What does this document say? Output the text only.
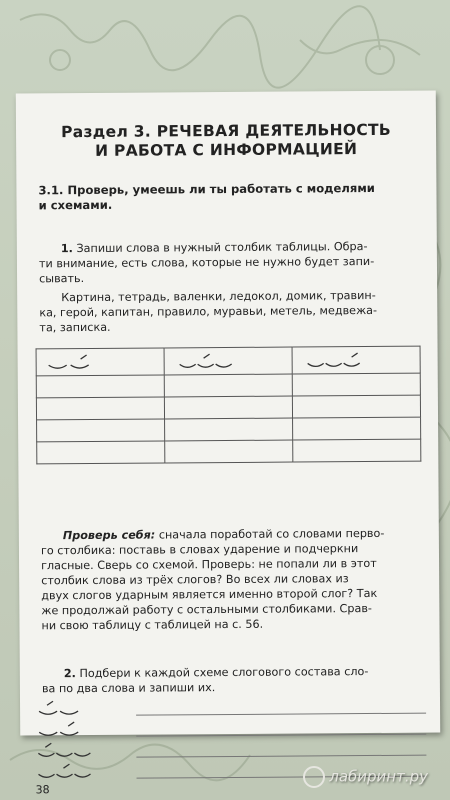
Раздел 3. РЕЧЕВАЯ ДЕЯТЕЛЬНОСТЬ
И РАБОТА С ИНФОРМАЦИЕЙ
3.1. Проверь, умеешь ли ты работать с моделями
и схемами.
1. Запиши слова в нужный столбик таблицы. Обра-
ти внимание, есть слова, которые не нужно будет запи-
сывать.
Картина, тетрадь, валенки, ледокол, домик, травин-
ка, герой, капитан, правило, муравьи, метель, медвежа-
та, записка.

Проверь себя: сначала поработай со словами перво-
го столбика: поставь в словах ударение и подчеркни
гласные. Сверь со схемой. Проверь: не попали ли в этот
столбик слова из трёх слогов? Во всех ли словах из
двух слогов ударным является именно второй слог? Так
же продолжай работу с остальными столбиками. Срав-
ни свою таблицу с таблицей на с. 56.
2. Подбери к каждой схеме слогового состава сло-
ва по два слова и запиши их.
38
лабиринт.ру
